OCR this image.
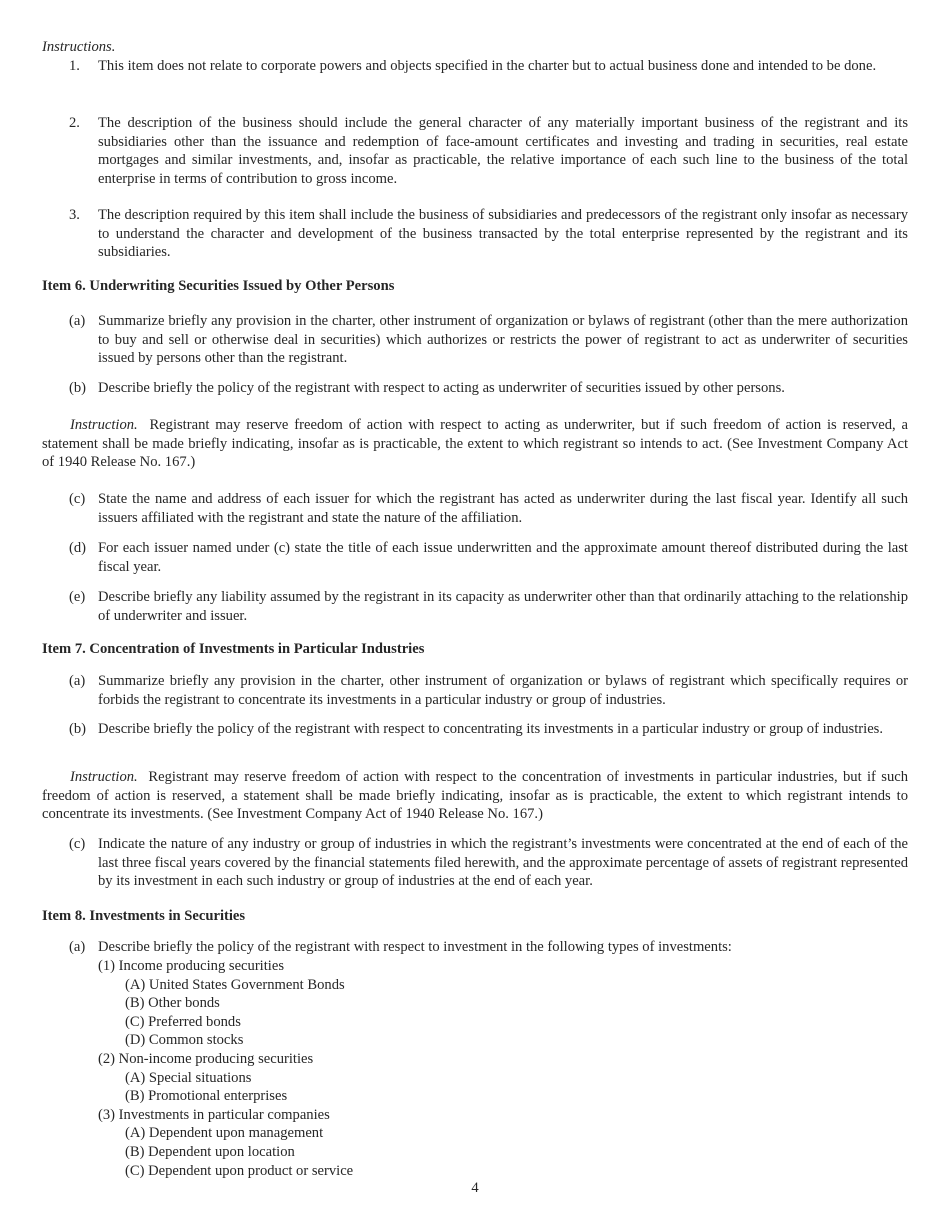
Instructions.

1. This item does not relate to corporate powers and objects specified in the charter but to actual business done and intended to be done.

2. The description of the business should include the general character of any materially important business of the registrant and its subsidiaries other than the issuance and redemption of face-amount certificates and investing and trading in securities, real estate mortgages and similar investments, and, insofar as practicable, the relative importance of each such line to the business of the total enterprise in terms of contribution to gross income.

3. The description required by this item shall include the business of subsidiaries and predecessors of the registrant only insofar as necessary to understand the character and development of the business transacted by the total enterprise represented by the registrant and its subsidiaries.

Item 6. Underwriting Securities Issued by Other Persons

(a) Summarize briefly any provision in the charter, other instrument of organization or bylaws of registrant (other than the mere authorization to buy and sell or otherwise deal in securities) which authorizes or restricts the power of registrant to act as underwriter of securities issued by persons other than the registrant.

(b) Describe briefly the policy of the registrant with respect to acting as underwriter of securities issued by other persons.

Instruction. Registrant may reserve freedom of action with respect to acting as underwriter, but if such freedom of action is reserved, a statement shall be made briefly indicating, insofar as is practicable, the extent to which registrant so intends to act. (See Investment Company Act of 1940 Release No. 167.)

(c) State the name and address of each issuer for which the registrant has acted as underwriter during the last fiscal year. Identify all such issuers affiliated with the registrant and state the nature of the affiliation.

(d) For each issuer named under (c) state the title of each issue underwritten and the approximate amount thereof distributed during the last fiscal year.

(e) Describe briefly any liability assumed by the registrant in its capacity as underwriter other than that ordinarily attaching to the relationship of underwriter and issuer.

Item 7. Concentration of Investments in Particular Industries

(a) Summarize briefly any provision in the charter, other instrument of organization or bylaws of registrant which specifically requires or forbids the registrant to concentrate its investments in a particular industry or group of industries.

(b) Describe briefly the policy of the registrant with respect to concentrating its investments in a particular industry or group of industries.

Instruction. Registrant may reserve freedom of action with respect to the concentration of investments in particular industries, but if such freedom of action is reserved, a statement shall be made briefly indicating, insofar as is practicable, the extent to which registrant intends to concentrate its investments. (See Investment Company Act of 1940 Release No. 167.)

(c) Indicate the nature of any industry or group of industries in which the registrant’s investments were concentrated at the end of each of the last three fiscal years covered by the financial statements filed herewith, and the approximate percentage of assets of registrant represented by its investment in each such industry or group of industries at the end of each year.

Item 8. Investments in Securities

(a) Describe briefly the policy of the registrant with respect to investment in the following types of investments:

(1) Income producing securities
(A) United States Government Bonds
(B) Other bonds
(C) Preferred bonds
(D) Common stocks
(2) Non-income producing securities
(A) Special situations
(B) Promotional enterprises
(3) Investments in particular companies
(A) Dependent upon management
(B) Dependent upon location
(C) Dependent upon product or service
4
